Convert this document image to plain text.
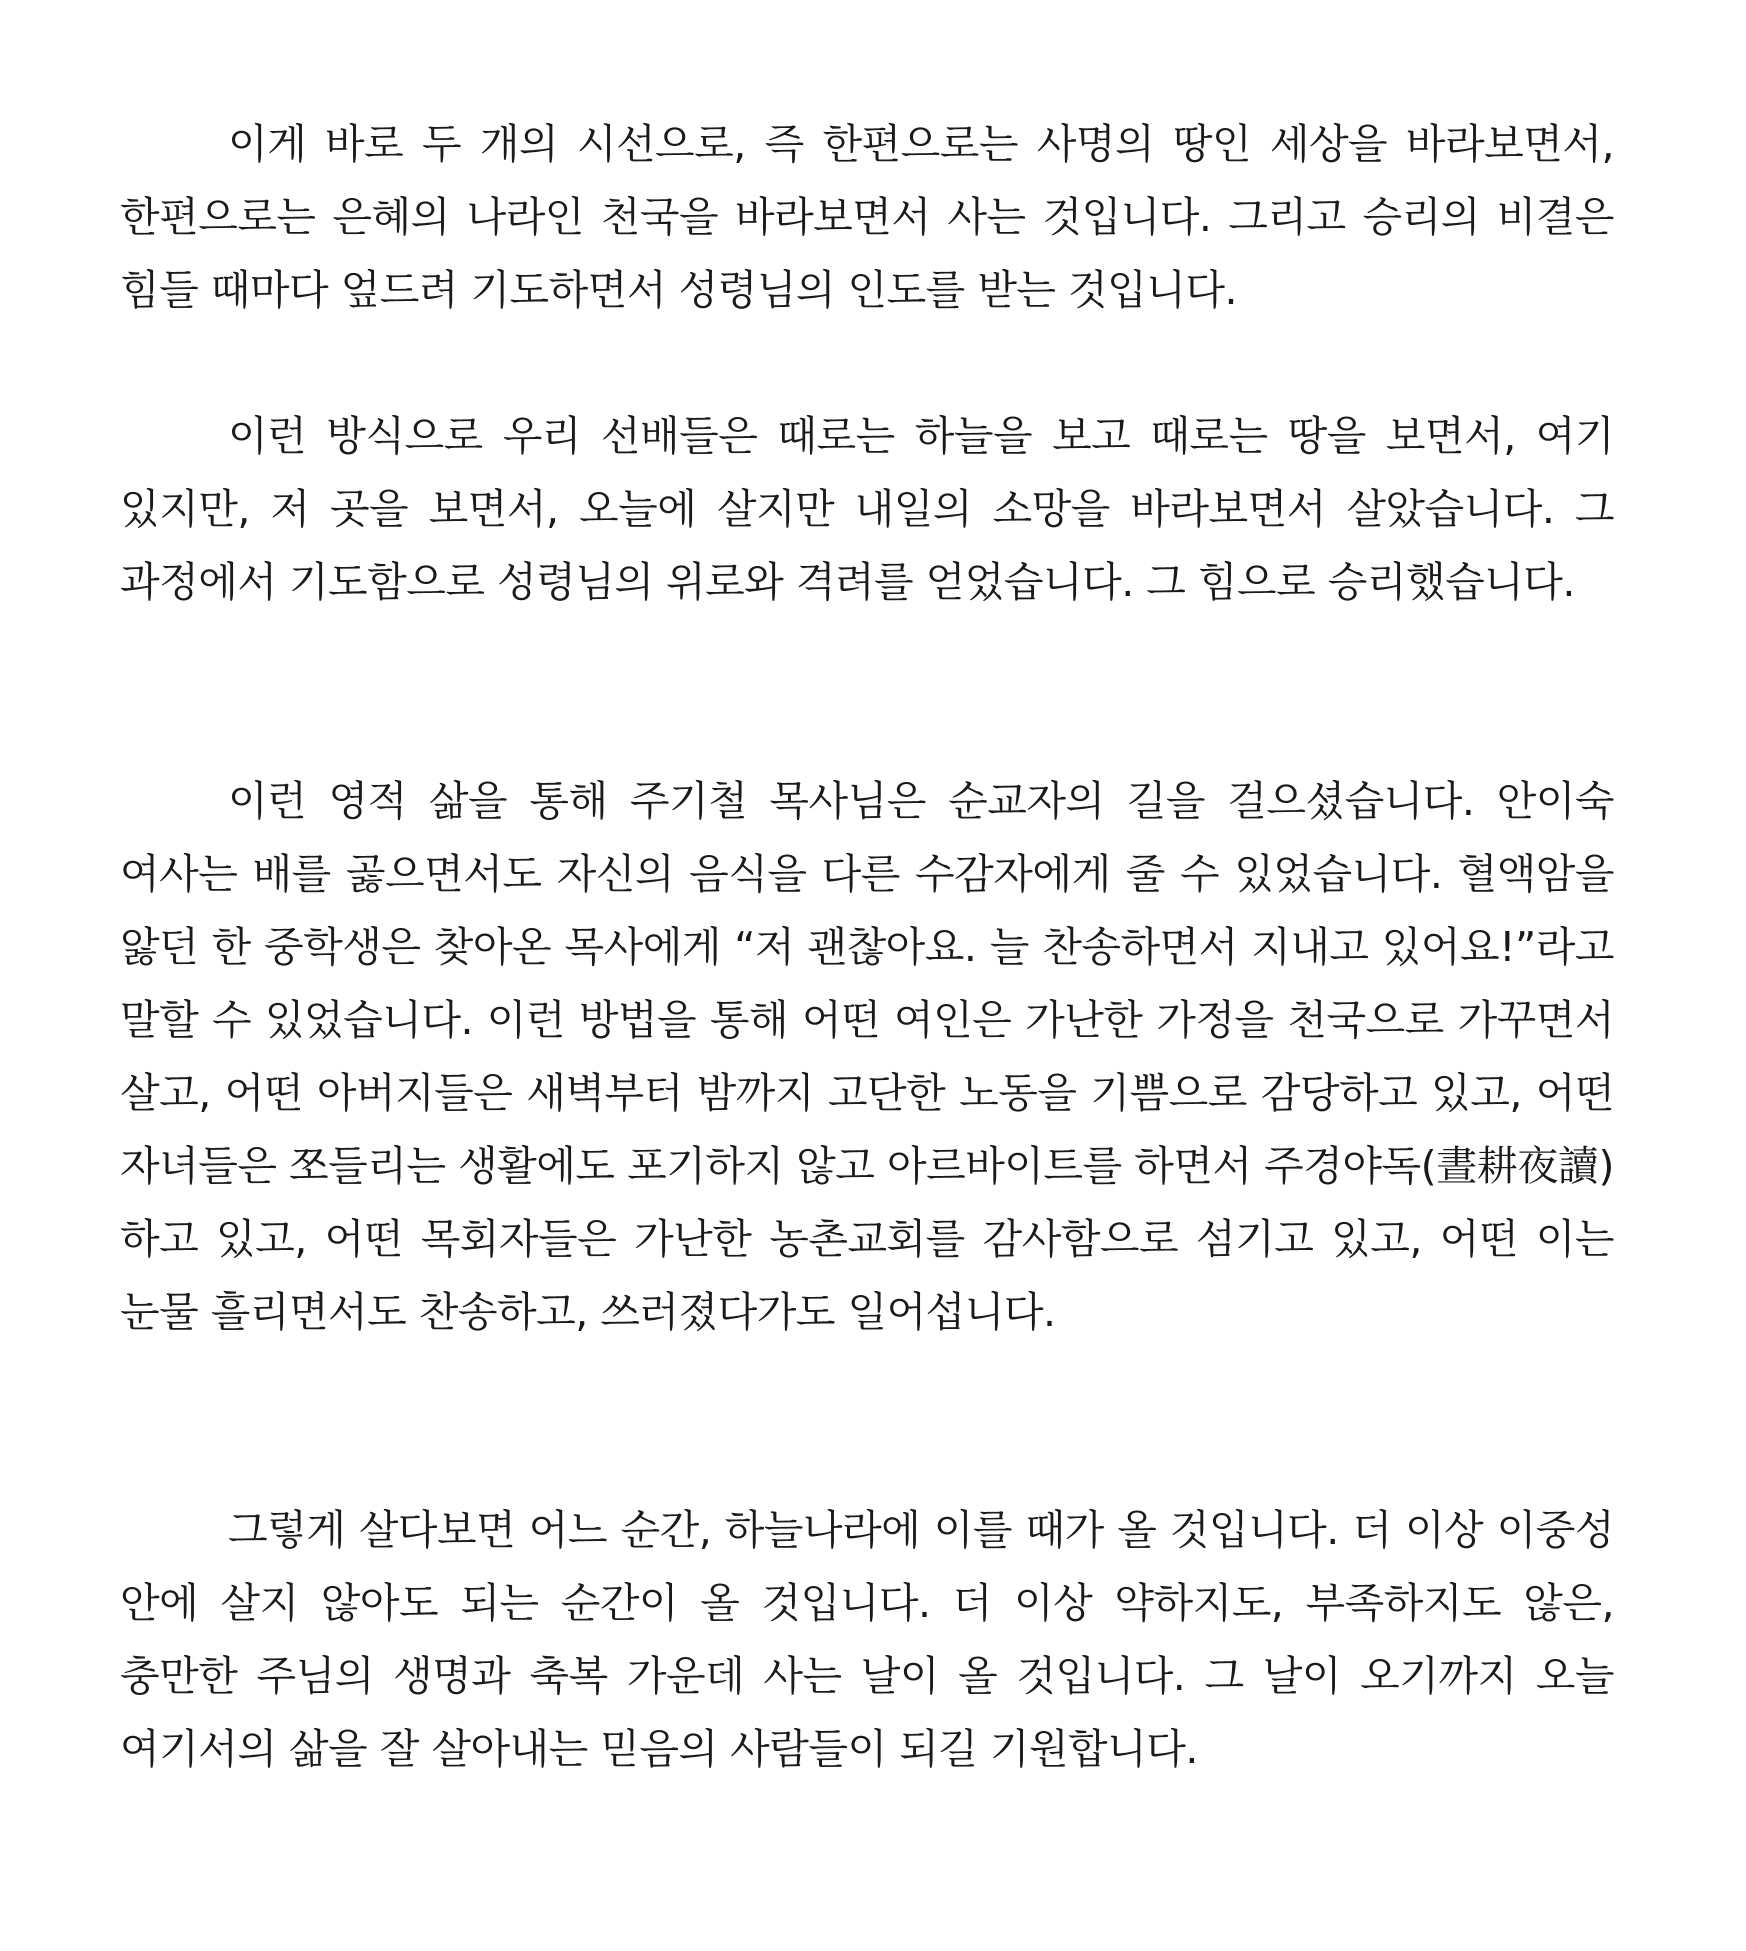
이게 바로 두 개의 시선으로, 즉 한편으로는 사명의 땅인 세상을 바라보면서, 한편으로는 은혜의 나라인 천국을 바라보면서 사는 것입니다. 그리고 승리의 비결은 힘들 때마다 엎드려 기도하면서 성령님의 인도를 받는 것입니다.

이런 방식으로 우리 선배들은 때로는 하늘을 보고 때로는 땅을 보면서, 여기 있지만, 저 곳을 보면서, 오늘에 살지만 내일의 소망을 바라보면서 살았습니다. 그 과정에서 기도함으로 성령님의 위로와 격려를 얻었습니다. 그 힘으로 승리했습니다.

이런 영적 삶을 통해 주기철 목사님은 순교자의 길을 걸으셨습니다. 안이숙 여사는 배를 곯으면서도 자신의 음식을 다른 수감자에게 줄 수 있었습니다. 혈액암을 앓던 한 중학생은 찾아온 목사에게 “저 괜찮아요. 늘 찬송하면서 지내고 있어요!”라고 말할 수 있었습니다. 이런 방법을 통해 어떤 여인은 가난한 가정을 천국으로 가꾸면서 살고, 어떤 아버지들은 새벽부터 밤까지 고단한 노동을 기쁨으로 감당하고 있고, 어떤 자녀들은 쪼들리는 생활에도 포기하지 않고 아르바이트를 하면서 주경야독(晝耕夜讀)하고 있고, 어떤 목회자들은 가난한 농촌교회를 감사함으로 섬기고 있고, 어떤 이는 눈물 흘리면서도 찬송하고, 쓰러졌다가도 일어섭니다.

그렇게 살다보면 어느 순간, 하늘나라에 이를 때가 올 것입니다. 더 이상 이중성 안에 살지 않아도 되는 순간이 올 것입니다. 더 이상 약하지도, 부족하지도 않은, 충만한 주님의 생명과 축복 가운데 사는 날이 올 것입니다. 그 날이 오기까지 오늘 여기서의 삶을 잘 살아내는 믿음의 사람들이 되길 기원합니다.
